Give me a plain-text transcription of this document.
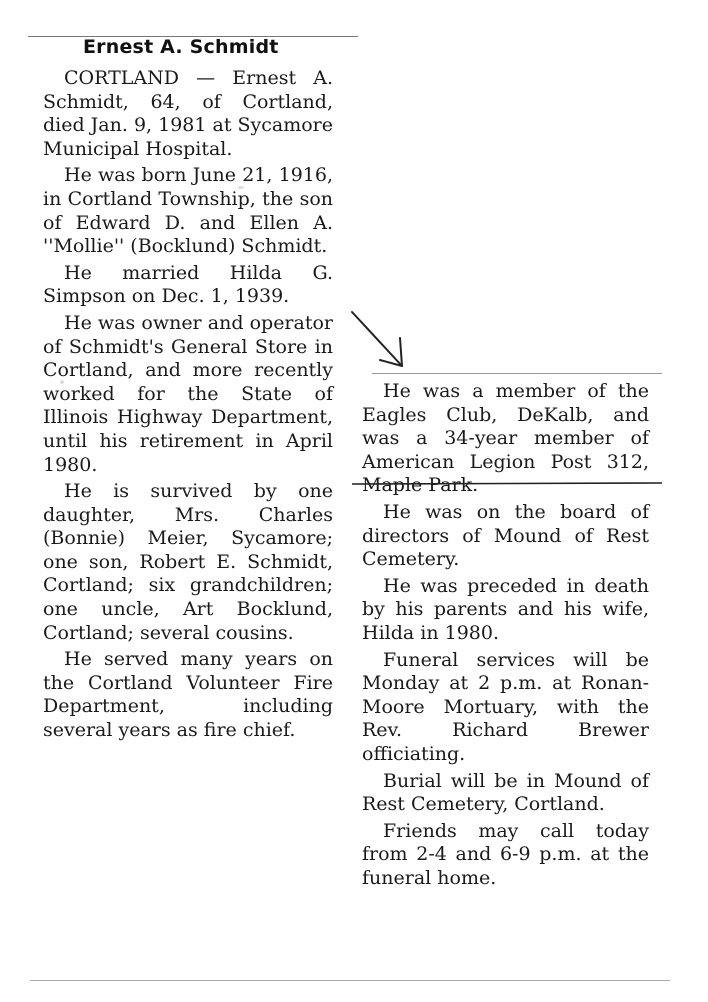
Ernest A. Schmidt

CORTLAND — Ernest A. Schmidt, 64, of Cortland, died Jan. 9, 1981 at Sycamore Municipal Hospital.

He was born June 21, 1916, in Cortland Township, the son of Edward D. and Ellen A. ''Mollie'' (Bocklund) Schmidt.

He married Hilda G. Simpson on Dec. 1, 1939.

He was owner and operator of Schmidt's General Store in Cortland, and more recently worked for the State of Illinois Highway Department, until his retirement in April 1980.

He is survived by one daughter, Mrs. Charles (Bonnie) Meier, Sycamore; one son, Robert E. Schmidt, Cortland; six grandchildren; one uncle, Art Bocklund, Cortland; several cousins.

He served many years on the Cortland Volunteer Fire Department, including several years as fire chief.

He was a member of the Eagles Club, DeKalb, and was a 34-year member of American Legion Post 312, Maple Park.

He was on the board of directors of Mound of Rest Cemetery.

He was preceded in death by his parents and his wife, Hilda in 1980.

Funeral services will be Monday at 2 p.m. at Ronan-Moore Mortuary, with the Rev. Richard Brewer officiating.

Burial will be in Mound of Rest Cemetery, Cortland.

Friends may call today from 2-4 and 6-9 p.m. at the funeral home.
